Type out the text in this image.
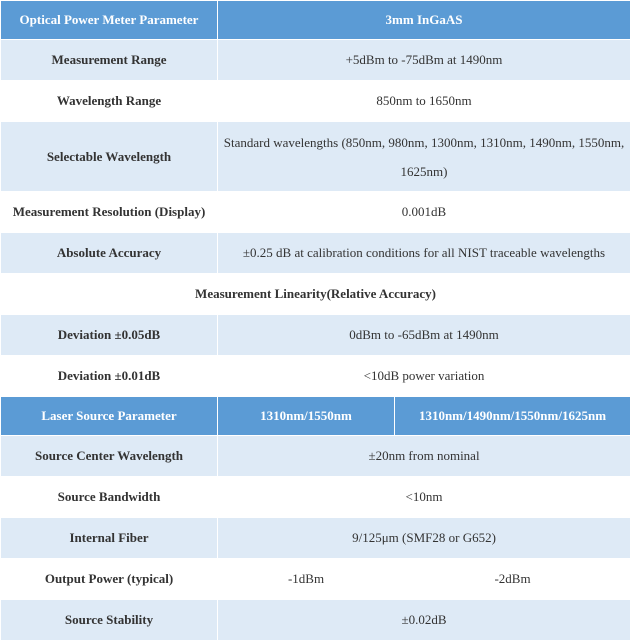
Optical Power Meter Parameter	3mm InGaAS	
Measurement Range	+5dBm to -75dBm at 1490nm	
Wavelength Range	850nm to 1650nm	
Selectable Wavelength	Standard wavelengths (850nm, 980nm, 1300nm, 1310nm, 1490nm, 1550nm, 1625nm)	
Measurement Resolution (Display)	0.001dB	
Absolute Accuracy	±0.25 dB at calibration conditions for all NIST traceable wavelengths	
Measurement Linearity(Relative Accuracy)		
Deviation ±0.05dB	0dBm to -65dBm at 1490nm	
Deviation ±0.01dB	<10dB power variation	
Laser Source Parameter	1310nm/1550nm	1310nm/1490nm/1550nm/1625nm
Source Center Wavelength	±20nm from nominal	
Source Bandwidth	<10nm	
Internal Fiber	9/125μm (SMF28 or G652)	
Output Power (typical)	-1dBm	-2dBm
Source Stability	±0.02dB	
